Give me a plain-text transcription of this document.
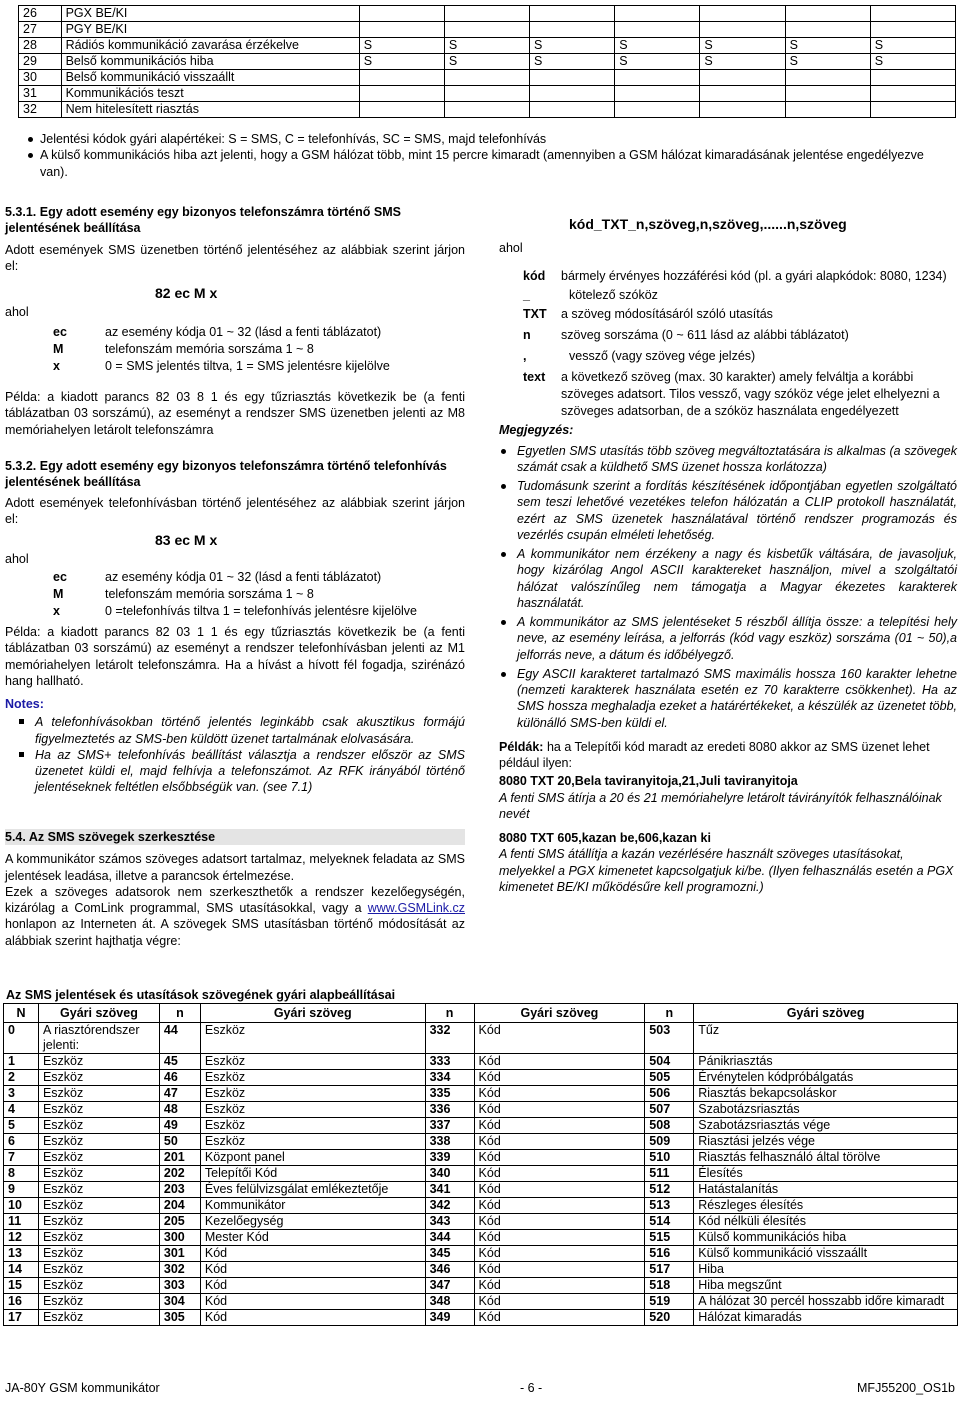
26	PGX BE/KI							
27	PGY BE/KI							
28	Rádiós kommunikáció zavarása érzékelve	S	S	S	S	S	S	S
29	Belső kommunikációs hiba	S	S	S	S	S	S	S
30	Belső kommunikáció visszaállt							
31	Kommunikációs teszt							
32	Nem hitelesített riasztás							
Jelentési kódok gyári alapértékei: S = SMS, C = telefonhívás, SC = SMS, majd telefonhívás
A külső kommunikációs hiba azt jelenti, hogy a GSM hálózat több, mint 15 percre kimaradt (amennyiben a GSM hálózat kimaradásának jelentése engedélyezve van).
5.3.1. Egy adott esemény egy bizonyos telefonszámra történő SMS jelentésének beállítása
Adott események SMS üzenetben történő jelentéséhez az alábbiak szerint járjon el:
82 ec M x
ahol
ec	az esemény kódja 01 ~ 32 (lásd a fenti táblázatot)
M	telefonszám memória sorszáma 1 ~ 8
x	0 = SMS jelentés tiltva, 1 = SMS jelentésre kijelölve
Példa: a kiadott parancs 82 03 8 1 és egy tűzriasztás következik be (a fenti táblázatban 03 sorszámú), az eseményt a rendszer SMS üzenetben jelenti az M8 memóriahelyen letárolt telefonszámra
5.3.2. Egy adott esemény egy bizonyos telefonszámra történő telefonhívás jelentésének beállítása
Adott események telefonhívásban történő jelentéséhez az alábbiak szerint járjon el:
83 ec M x
ahol
ec	az esemény kódja 01 ~ 32 (lásd a fenti táblázatot)
M	telefonszám memória sorszáma 1 ~ 8
x	0 =telefonhívás tiltva 1 = telefonhívás jelentésre kijelölve
Példa: a kiadott parancs 82 03 1 1 és egy tűzriasztás következik be (a fenti táblázatban 03 sorszámú) az eseményt a rendszer telefonhívásban jelenti az M1 memóriahelyen letárolt telefonszámra. Ha a hívást a hívott fél fogadja, szirénázó hang hallható.
Notes:
A telefonhívásokban történő jelentés leginkább csak akusztikus formájú figyelmeztetés az SMS-ben küldött üzenet tartalmának elolvasására.
Ha az SMS+ telefonhívás beállítást választja a rendszer először az SMS üzenetet küldi el, majd felhívja a telefonszámot. Az RFK irányából történő jelentéseknek feltétlen elsőbbségük van. (see 7.1)
5.4. Az SMS szövegek szerkesztése
A kommunikátor számos szöveges adatsort tartalmaz, melyeknek feladata az SMS jelentések leadása, illetve a parancsok értelmezése.
Ezek a szöveges adatsorok nem szerkeszthetők a rendszer kezelőegységén, kizárólag a ComLink programmal, SMS utasításokkal, vagy a www.GSMLink.cz honlapon az Interneten át. A szövegek SMS utasításban történő módosítását az alábbiak szerint hajthatja végre:
kód_TXT_n,szöveg,n,szöveg,......n,szöveg
ahol
kód	bármely érvényes hozzáférési kód (pl. a gyári alapkódok: 8080, 1234)
_	kötelező szóköz
TXT	a szöveg módosításáról szóló utasítás
n	szöveg sorszáma (0 ~ 611 lásd az alábbi táblázatot)
,	vessző (vagy szöveg vége jelzés)
text	a következő szöveg (max. 30 karakter) amely felváltja a korábbi szöveges adatsort. Tilos vessző, vagy szóköz vége jelet elhelyezni a szöveges adatsorban, de a szóköz használata engedélyezett
Megjegyzés:
Egyetlen SMS utasítás több szöveg megváltoztatására is alkalmas (a szövegek számát csak a küldhető SMS üzenet hossza korlátozza)
Tudomásunk szerint a fordítás készítésének időpontjában egyetlen szolgáltató sem teszi lehetővé vezetékes telefon hálózatán a CLIP protokoll használatát, ezért az SMS üzenetek használatával történő rendszer programozás és vezérlés csupán elméleti lehetőség.
A kommunikátor nem érzékeny a nagy és kisbetűk váltására, de javasoljuk, hogy kizárólag Angol ASCII karaktereket használjon, mivel a szolgáltatói hálózat valószínűleg nem támogatja a Magyar ékezetes karakterek használatát.
A kommunikátor az SMS jelentéseket 5 részből állítja össze: a telepítési hely neve, az esemény leírása, a jelforrás (kód vagy eszköz) sorszáma (01 ~ 50),a jelforrás neve, a dátum és időbélyegző.
Egy ASCII karakteret tartalmazó SMS maximális hossza 160 karakter lehetne (nemzeti karakterek használata esetén ez 70 karakterre csökkenhet). Ha az SMS hossza meghaladja ezeket a határértékeket, a készülék az üzenetet több, különálló SMS-ben küldi el.
Példák: ha a Telepítői kód maradt az eredeti 8080 akkor az SMS üzenet lehet például ilyen:
8080 TXT 20,Bela taviranyitoja,21,Juli taviranyitoja
A fenti SMS átírja a 20 és 21 memóriahelyre letárolt távirányítók felhasználóinak nevét
8080 TXT 605,kazan be,606,kazan ki
A fenti SMS átállítja a kazán vezérlésére használt szöveges utasításokat, melyekkel a PGX kimenetet kapcsolgatjuk ki/be. (Ilyen felhasználás esetén a PGX kimenetet BE/KI működésűre kell programozni.)
Az SMS jelentések és utasítások szövegének gyári alapbeállításai
N	Gyári szöveg	n	Gyári szöveg	n	Gyári szöveg	n	Gyári szöveg
0	A riasztórendszer jelenti:	44	Eszköz	332	Kód	503	Tűz
1	Eszköz	45	Eszköz	333	Kód	504	Pánikriasztás
2	Eszköz	46	Eszköz	334	Kód	505	Érvénytelen kódpróbálgatás
3	Eszköz	47	Eszköz	335	Kód	506	Riasztás bekapcsoláskor
4	Eszköz	48	Eszköz	336	Kód	507	Szabotázsriasztás
5	Eszköz	49	Eszköz	337	Kód	508	Szabotázsriasztás vége
6	Eszköz	50	Eszköz	338	Kód	509	Riasztási jelzés vége
7	Eszköz	201	Központ panel	339	Kód	510	Riasztás felhasználó által törölve
8	Eszköz	202	Telepítői Kód	340	Kód	511	Élesítés
9	Eszköz	203	Éves felülvizsgálat emlékeztetője	341	Kód	512	Hatástalanítás
10	Eszköz	204	Kommunikátor	342	Kód	513	Részleges élesítés
11	Eszköz	205	Kezelőegység	343	Kód	514	Kód nélküli élesítés
12	Eszköz	300	Mester Kód	344	Kód	515	Külső kommunikációs hiba
13	Eszköz	301	Kód	345	Kód	516	Külső kommunikáció visszaállt
14	Eszköz	302	Kód	346	Kód	517	Hiba
15	Eszköz	303	Kód	347	Kód	518	Hiba megszűnt
16	Eszköz	304	Kód	348	Kód	519	A hálózat 30 percél hosszabb időre kimaradt
17	Eszköz	305	Kód	349	Kód	520	Hálózat kimaradás
JA-80Y GSM kommunikátor	- 6 -	MFJ55200_OS1b
